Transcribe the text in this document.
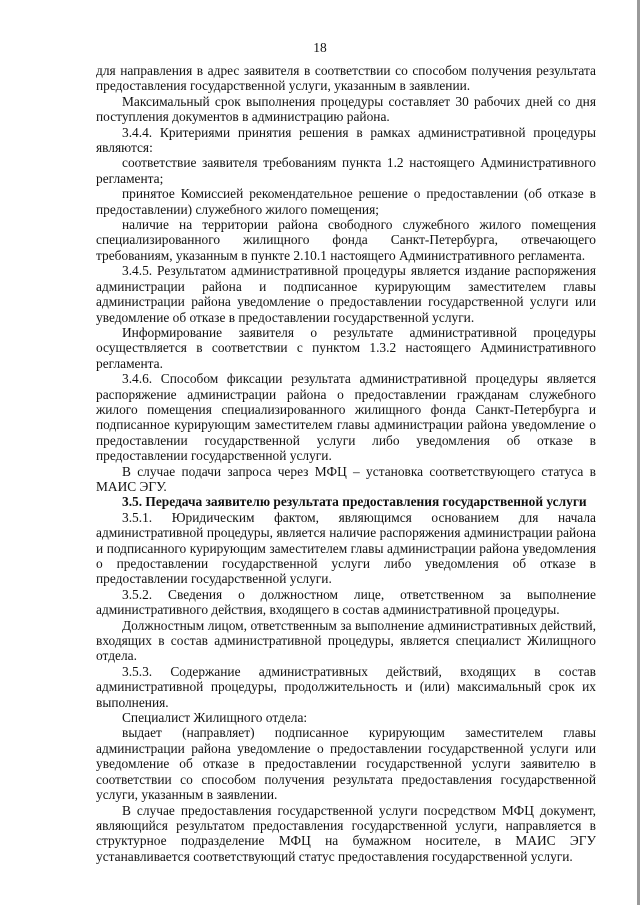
18

для направления в адрес заявителя в соответствии со способом получения результата предоставления государственной услуги, указанным в заявлении.

Максимальный срок выполнения процедуры составляет 30 рабочих дней со дня поступления документов в администрацию района.

3.4.4. Критериями принятия решения в рамках административной процедуры являются:

соответствие заявителя требованиям пункта 1.2 настоящего Административного регламента;

принятое Комиссией рекомендательное решение о предоставлении (об отказе в предоставлении) служебного жилого помещения;

наличие на территории района свободного служебного жилого помещения специализированного жилищного фонда Санкт-Петербурга, отвечающего требованиям, указанным в пункте 2.10.1 настоящего Административного регламента.

3.4.5. Результатом административной процедуры является издание распоряжения администрации района и подписанное курирующим заместителем главы администрации района уведомление о предоставлении государственной услуги или уведомление об отказе в предоставлении государственной услуги.

Информирование заявителя о результате административной процедуры осуществляется в соответствии с пунктом 1.3.2 настоящего Административного регламента.

3.4.6. Способом фиксации результата административной процедуры является распоряжение администрации района о предоставлении гражданам служебного жилого помещения специализированного жилищного фонда Санкт-Петербурга и подписанное курирующим заместителем главы администрации района уведомление о предоставлении государственной услуги либо уведомления об отказе в предоставлении государственной услуги.

В случае подачи запроса через МФЦ – установка соответствующего статуса в МАИС ЭГУ.

3.5. Передача заявителю результата предоставления государственной услуги

3.5.1. Юридическим фактом, являющимся основанием для начала административной процедуры, является наличие распоряжения администрации района и подписанного курирующим заместителем главы администрации района уведомления о предоставлении государственной услуги либо уведомления об отказе в предоставлении государственной услуги.

3.5.2. Сведения о должностном лице, ответственном за выполнение административного действия, входящего в состав административной процедуры.

Должностным лицом, ответственным за выполнение административных действий, входящих в состав административной процедуры, является специалист Жилищного отдела.

3.5.3. Содержание административных действий, входящих в состав административной процедуры, продолжительность и (или) максимальный срок их выполнения.

Специалист Жилищного отдела:

выдает (направляет) подписанное курирующим заместителем главы администрации района уведомление о предоставлении государственной услуги или уведомление об отказе в предоставлении государственной услуги заявителю в соответствии со способом получения результата предоставления государственной услуги, указанным в заявлении.

В случае предоставления государственной услуги посредством МФЦ документ, являющийся результатом предоставления государственной услуги, направляется в структурное подразделение МФЦ на бумажном носителе, в МАИС ЭГУ устанавливается соответствующий статус предоставления государственной услуги.
